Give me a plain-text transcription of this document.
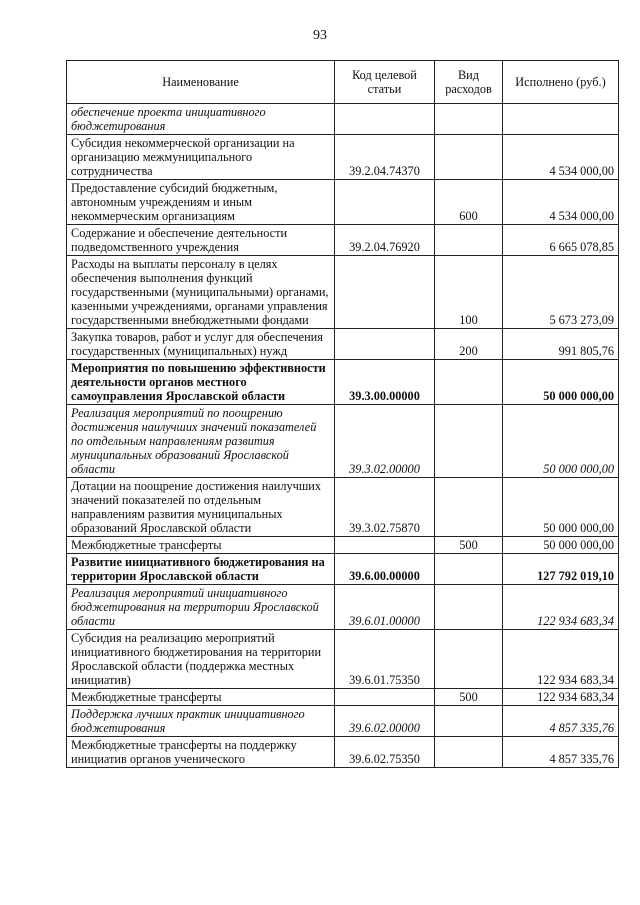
93
Наименование	Код целевой статьи	Вид расходов	Исполнено (руб.)
обеспечение проекта инициативного бюджетирования			
Субсидия некоммерческой организации на организацию межмуниципального сотрудничества	39.2.04.74370		4 534 000,00
Предоставление субсидий бюджетным, автономным учреждениям и иным некоммерческим организациям		600	4 534 000,00
Содержание и обеспечение деятельности подведомственного учреждения	39.2.04.76920		6 665 078,85
Расходы на выплаты персоналу в целях обеспечения выполнения функций государственными (муниципальными) органами, казенными учреждениями, органами управления государственными внебюджетными фондами		100	5 673 273,09
Закупка товаров, работ и услуг для обеспечения государственных (муниципальных) нужд		200	991 805,76
Мероприятия по повышению эффективности деятельности органов местного самоуправления Ярославской области	39.3.00.00000		50 000 000,00
Реализация мероприятий по поощрению достижения наилучших значений показателей по отдельным направлениям развития муниципальных образований Ярославской области	39.3.02.00000		50 000 000,00
Дотации на поощрение достижения наилучших значений показателей по отдельным направлениям развития муниципальных образований Ярославской области	39.3.02.75870		50 000 000,00
Межбюджетные трансферты		500	50 000 000,00
Развитие инициативного бюджетирования на территории Ярославской области	39.6.00.00000		127 792 019,10
Реализация мероприятий инициативного бюджетирования на территории Ярославской области	39.6.01.00000		122 934 683,34
Субсидия на реализацию мероприятий инициативного бюджетирования на территории Ярославской области (поддержка местных инициатив)	39.6.01.75350		122 934 683,34
Межбюджетные трансферты		500	122 934 683,34
Поддержка лучших практик инициативного бюджетирования	39.6.02.00000		4 857 335,76
Межбюджетные трансферты на поддержку инициатив органов ученического	39.6.02.75350		4 857 335,76
